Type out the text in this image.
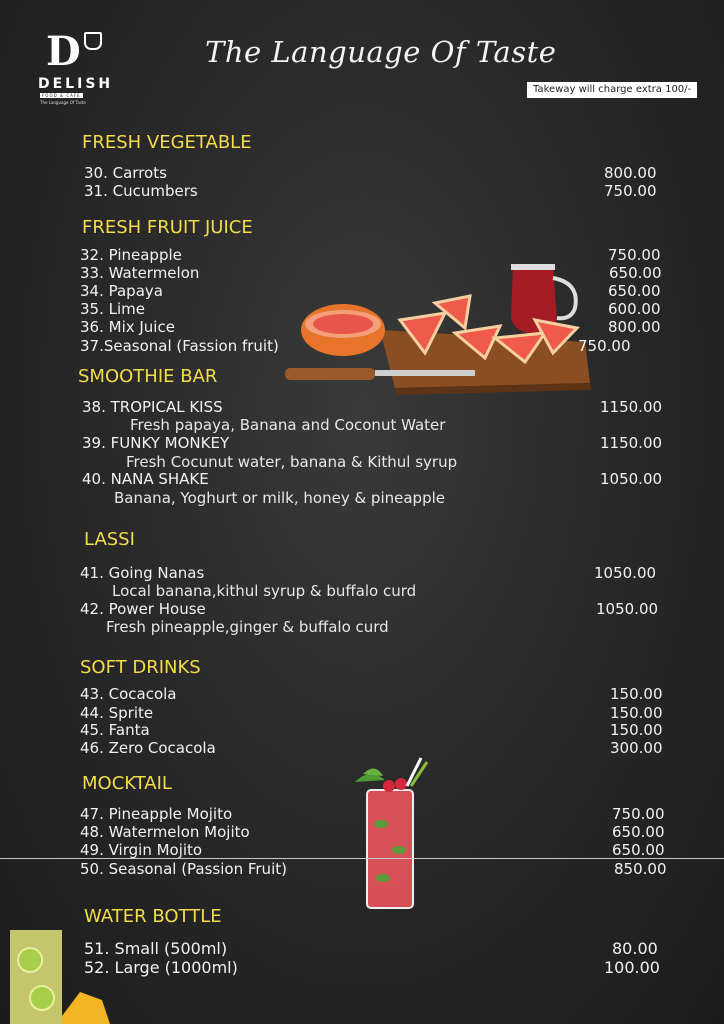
D
DELISH
FOOD & CAFE
The Language Of Taste
The Language Of Taste
Takeway will charge extra 100/-
FRESH VEGETABLE
30. Carrots	800.00
31. Cucumbers	750.00
FRESH FRUIT JUICE
32. Pineapple	750.00
33. Watermelon	650.00
34. Papaya	650.00
35. Lime	600.00
36. Mix Juice	800.00
37.Seasonal (Fassion fruit)	750.00
SMOOTHIE BAR
38. TROPICAL KISS	1150.00
Fresh papaya, Banana and Coconut Water
39. FUNKY MONKEY	1150.00
Fresh Cocunut water, banana & Kithul syrup
40. NANA SHAKE	1050.00
Banana, Yoghurt or milk, honey & pineapple
LASSI
41. Going Nanas	1050.00
Local banana,kithul syrup & buffalo curd
42. Power House	1050.00
Fresh pineapple,ginger & buffalo curd
SOFT DRINKS
43. Cocacola	150.00
44. Sprite	150.00
45. Fanta	150.00
46. Zero Cocacola	300.00
MOCKTAIL
47. Pineapple Mojito	750.00
48. Watermelon Mojito	650.00
49. Virgin Mojito	650.00
50. Seasonal (Passion Fruit)	850.00
WATER BOTTLE
51. Small (500ml)	80.00
52. Large (1000ml)	100.00
